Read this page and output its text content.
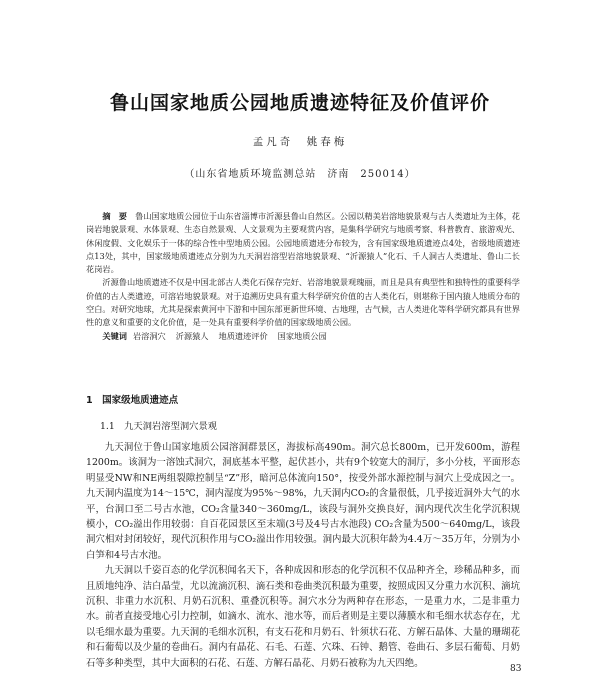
鲁山国家地质公园地质遗迹特征及价值评价
孟凡奇　姚春梅
（山东省地质环境监测总站　济南　250014）

摘　要　 鲁山国家地质公园位于山东省淄博市沂源县鲁山自然区。公园以精美岩溶地貌景观与古人类遗址为主体，花岗岩地貌景观、水体景观、生态自然景观、人文景观为主要观赏内容，是集科学研究与地质考察、科普教育、旅游观光、休闲度假、文化娱乐于一体的综合性中型地质公园。公园地质遗迹分布较为，含有国家级地质遗迹点4处，省级地质遗迹点13处，其中，国家级地质遗迹点分别为九天洞岩溶型岩溶地貌景观、“沂源猿人”化石、千人洞古人类遗址、鲁山二长花岗岩。

沂源鲁山地质遗迹不仅是中国北部古人类化石保存完好、岩溶地貌景观瑰丽，而且是具有典型性和独特性的重要科学价值的古人类遗迹，可溶岩地貌景观。对于追溯历史具有重大科学研究价值的古人类化石，则堪称于国内猿人地质分布的空白。对研究地球，尤其是探索黄河中下游和中国东部更新世环境、古地理，古气候，古人类进化等科学研究都具有世界性的意义和重要的文化价值，是一处具有重要科学价值的国家级地质公园。

关键词 岩溶洞穴 沂源猿人 地质遗迹评价 国家地质公园

1　国家级地质遗迹点
1.1　九天洞岩溶型洞穴景观

九天洞位于鲁山国家地质公园溶洞群景区，海拔标高490m。洞穴总长800m，已开发600m，游程1200m。该洞为一溶蚀式洞穴，洞底基本平整，起伏甚小，共有9个较宽大的洞厅，多小分枝，平面形态明显受NW和NE两组裂隙控制呈“Z”形，暗河总体流向150°，按受外部水源控制与洞穴上受成因之一。九天洞内温度为14～15℃，洞内湿度为95%～98%，九天洞内CO₂的含量很低，几乎接近洞外大气的水平，台洞口至二号古水池，CO₂含量340～360mg/L，该段与洞外交换良好，洞内现代次生化学沉积规模小，CO₂溢出作用较弱：自百花园景区至末端(3号及4号古水池段) CO₂含量为500～640mg/L，该段洞穴相对封闭较好，现代沉积作用与CO₂溢出作用较强。洞内最大沉积年龄为4.4万～35万年，分别为小白笋和4号古水池。

九天洞以千姿百态的化学沉积闻名天下，各种成因和形态的化学沉积不仅品种齐全，珍稀品种多，而且质地纯净、洁白晶莹，尤以流滴沉积、滴石类和卷曲类沉积最为重要，按照成因又分重力水沉积、滴坑沉积、非重力水沉积、月奶石沉积、重叠沉积等。洞穴水分为两种存在形态，一是重力水，二是非重力水。前者直接受地心引力控制，如滴水、流水、池水等，而后者则是主要以薄膜水和毛细水状态存在，尤以毛细水最为重要。九天洞的毛细水沉积，有支石花和月奶石、针须状石花、方解石晶体、大量的珊瑚花和石葡萄以及少量的卷曲石。洞内有晶花、石毛、石莲、穴珠、石钟、鹅管、卷曲石、多层石葡萄、月奶石等多种类型，其中大面积的石花、石莲、方解石晶花、月奶石被称为九天四绝。

83
